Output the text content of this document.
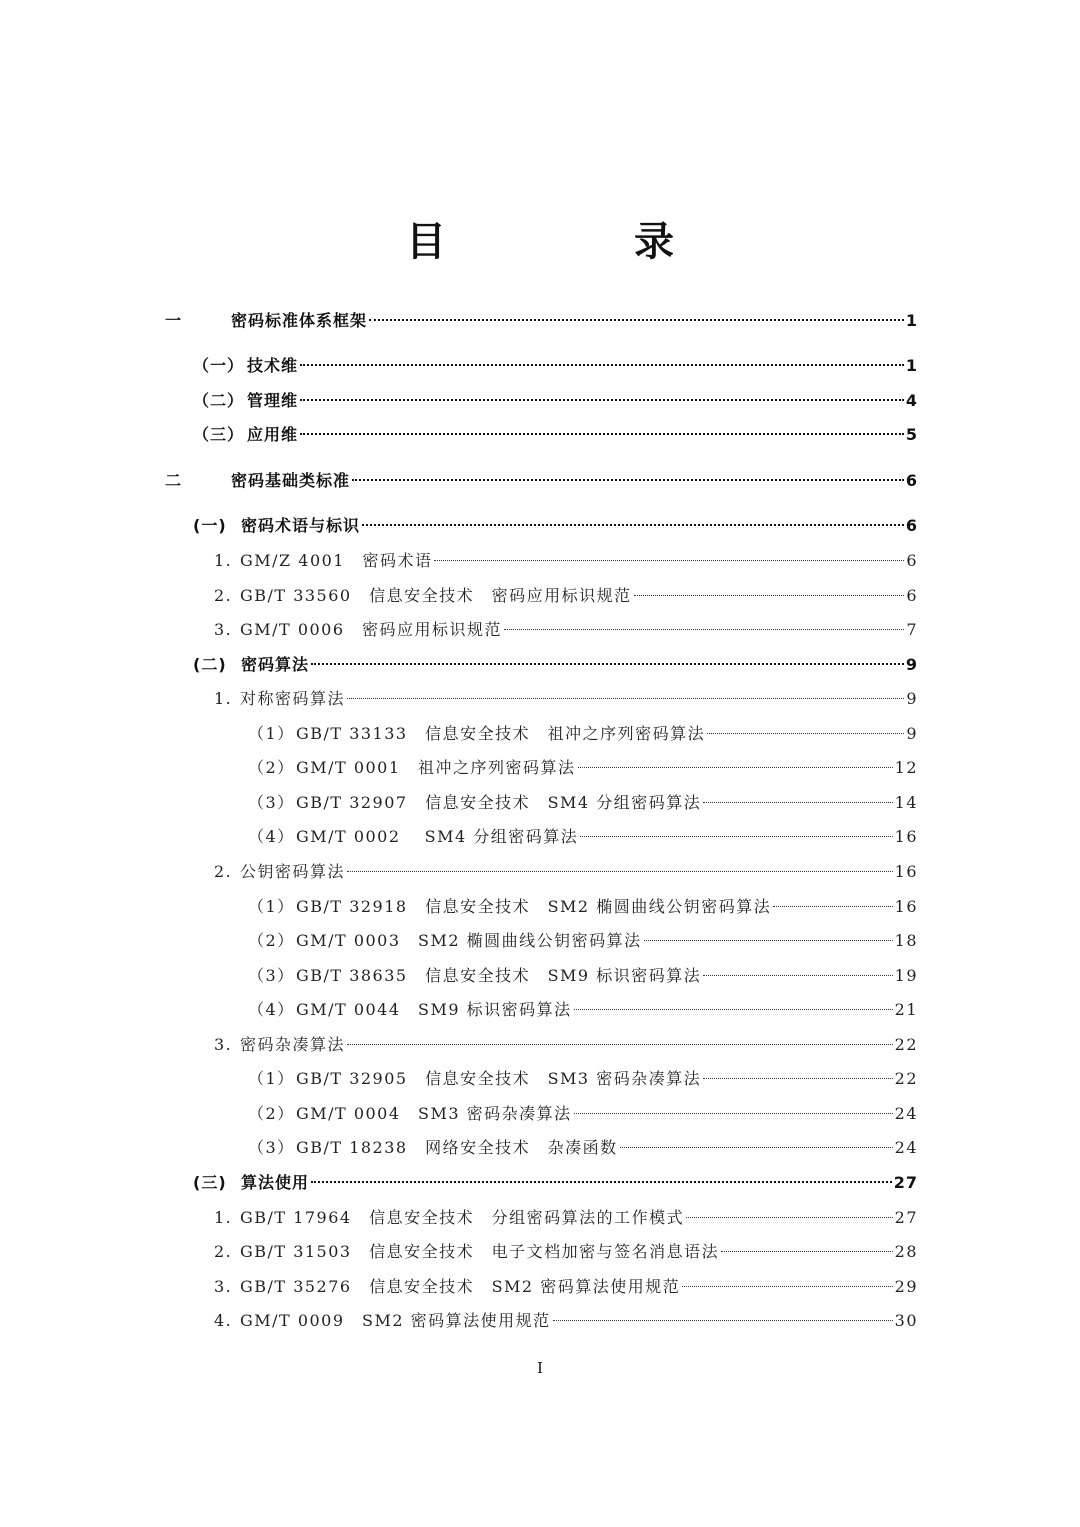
目　录
一	密码标准体系框架	1
（一） 技术维	1
（二） 管理维	4
（三） 应用维	5
二	密码基础类标准	6
(一) 密码术语与标识	6
1. GM/Z 4001　密码术语	6
2. GB/T 33560　信息安全技术　密码应用标识规范	6
3. GM/T 0006　密码应用标识规范	7
(二) 密码算法	9
1. 对称密码算法	9
（1） GB/T 33133　信息安全技术　祖冲之序列密码算法	9
（2） GM/T 0001　祖冲之序列密码算法	12
（3） GB/T 32907　信息安全技术　SM4 分组密码算法	14
（4） GM/T 0002　 SM4 分组密码算法	16
2. 公钥密码算法	16
（1） GB/T 32918　信息安全技术　SM2 椭圆曲线公钥密码算法	16
（2） GM/T 0003　SM2 椭圆曲线公钥密码算法	18
（3） GB/T 38635　信息安全技术　SM9 标识密码算法	19
（4） GM/T 0044　SM9 标识密码算法	21
3. 密码杂凑算法	22
（1） GB/T 32905　信息安全技术　SM3 密码杂凑算法	22
（2） GM/T 0004　SM3 密码杂凑算法	24
（3） GB/T 18238　网络安全技术　杂凑函数	24
(三) 算法使用	27
1. GB/T 17964　信息安全技术　分组密码算法的工作模式	27
2. GB/T 31503　信息安全技术　电子文档加密与签名消息语法	28
3. GB/T 35276　信息安全技术　SM2 密码算法使用规范	29
4. GM/T 0009　SM2 密码算法使用规范	30
I
